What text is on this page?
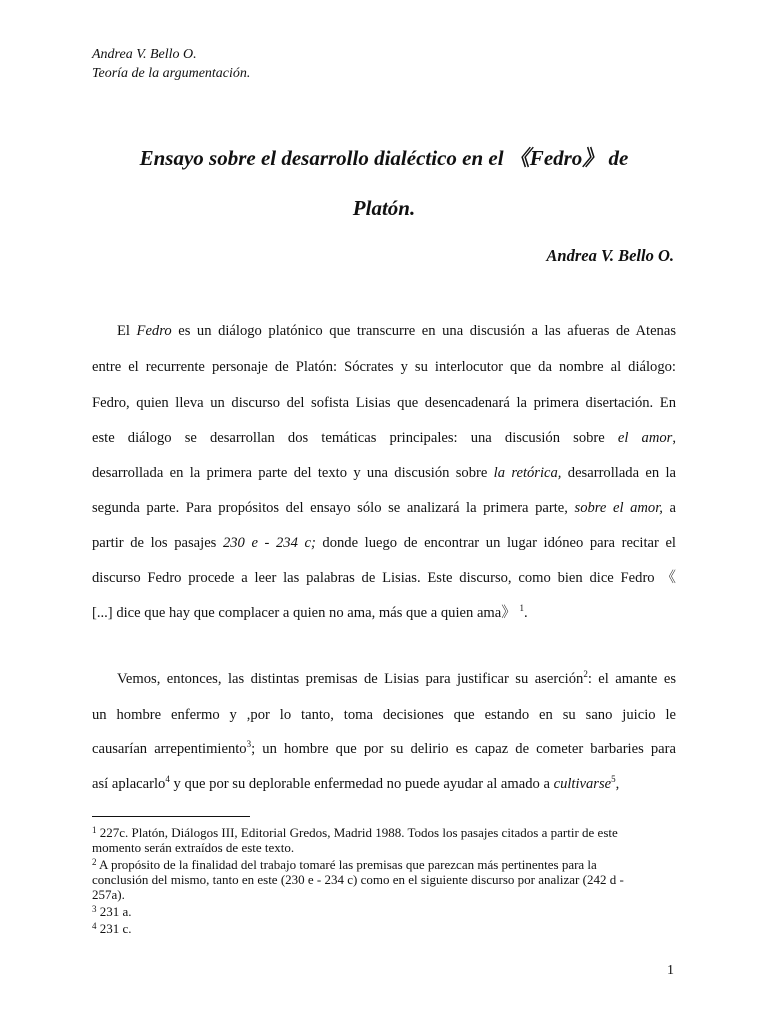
Andrea V. Bello O.
Teoría de la argumentación.
Ensayo sobre el desarrollo dialéctico en el 《Fedro》 de
Platón.
Andrea V. Bello O.
El Fedro es un diálogo platónico que transcurre en una discusión a las afueras de Atenas
entre el recurrente personaje de Platón: Sócrates y su interlocutor que da nombre al diálogo:
Fedro, quien lleva un discurso del sofista Lisias que desencadenará la primera disertación. En
este diálogo se desarrollan dos temáticas principales: una discusión sobre el amor,
desarrollada en la primera parte del texto y una discusión sobre la retórica, desarrollada en la
segunda parte. Para propósitos del ensayo sólo se analizará la primera parte, sobre el amor, a
partir de los pasajes 230 e - 234 c; donde luego de encontrar un lugar idóneo para recitar el
discurso Fedro procede a leer las palabras de Lisias. Este discurso, como bien dice Fedro 《
[...] dice que hay que complacer a quien no ama, más que a quien ama》 $^1$.
Vemos, entonces, las distintas premisas de Lisias para justificar su aserción$^2$: el amante es
un hombre enfermo y ,por lo tanto, toma decisiones que estando en su sano juicio le
causarían arrepentimiento$^3$; un hombre que por su delirio es capaz de cometer barbaries para
así aplacarlo$^4$ y que por su deplorable enfermedad no puede ayudar al amado a cultivarse$^5$,
$^1$ 227c. Platón, Diálogos III, Editorial Gredos, Madrid 1988. Todos los pasajes citados a partir de este
momento serán extraídos de este texto.
$^2$ A propósito de la finalidad del trabajo tomaré las premisas que parezcan más pertinentes para la
conclusión del mismo, tanto en este (230 e - 234 c) como en el siguiente discurso por analizar (242 d -
257a).
$^3$ 231 a.
$^4$ 231 c.
1
